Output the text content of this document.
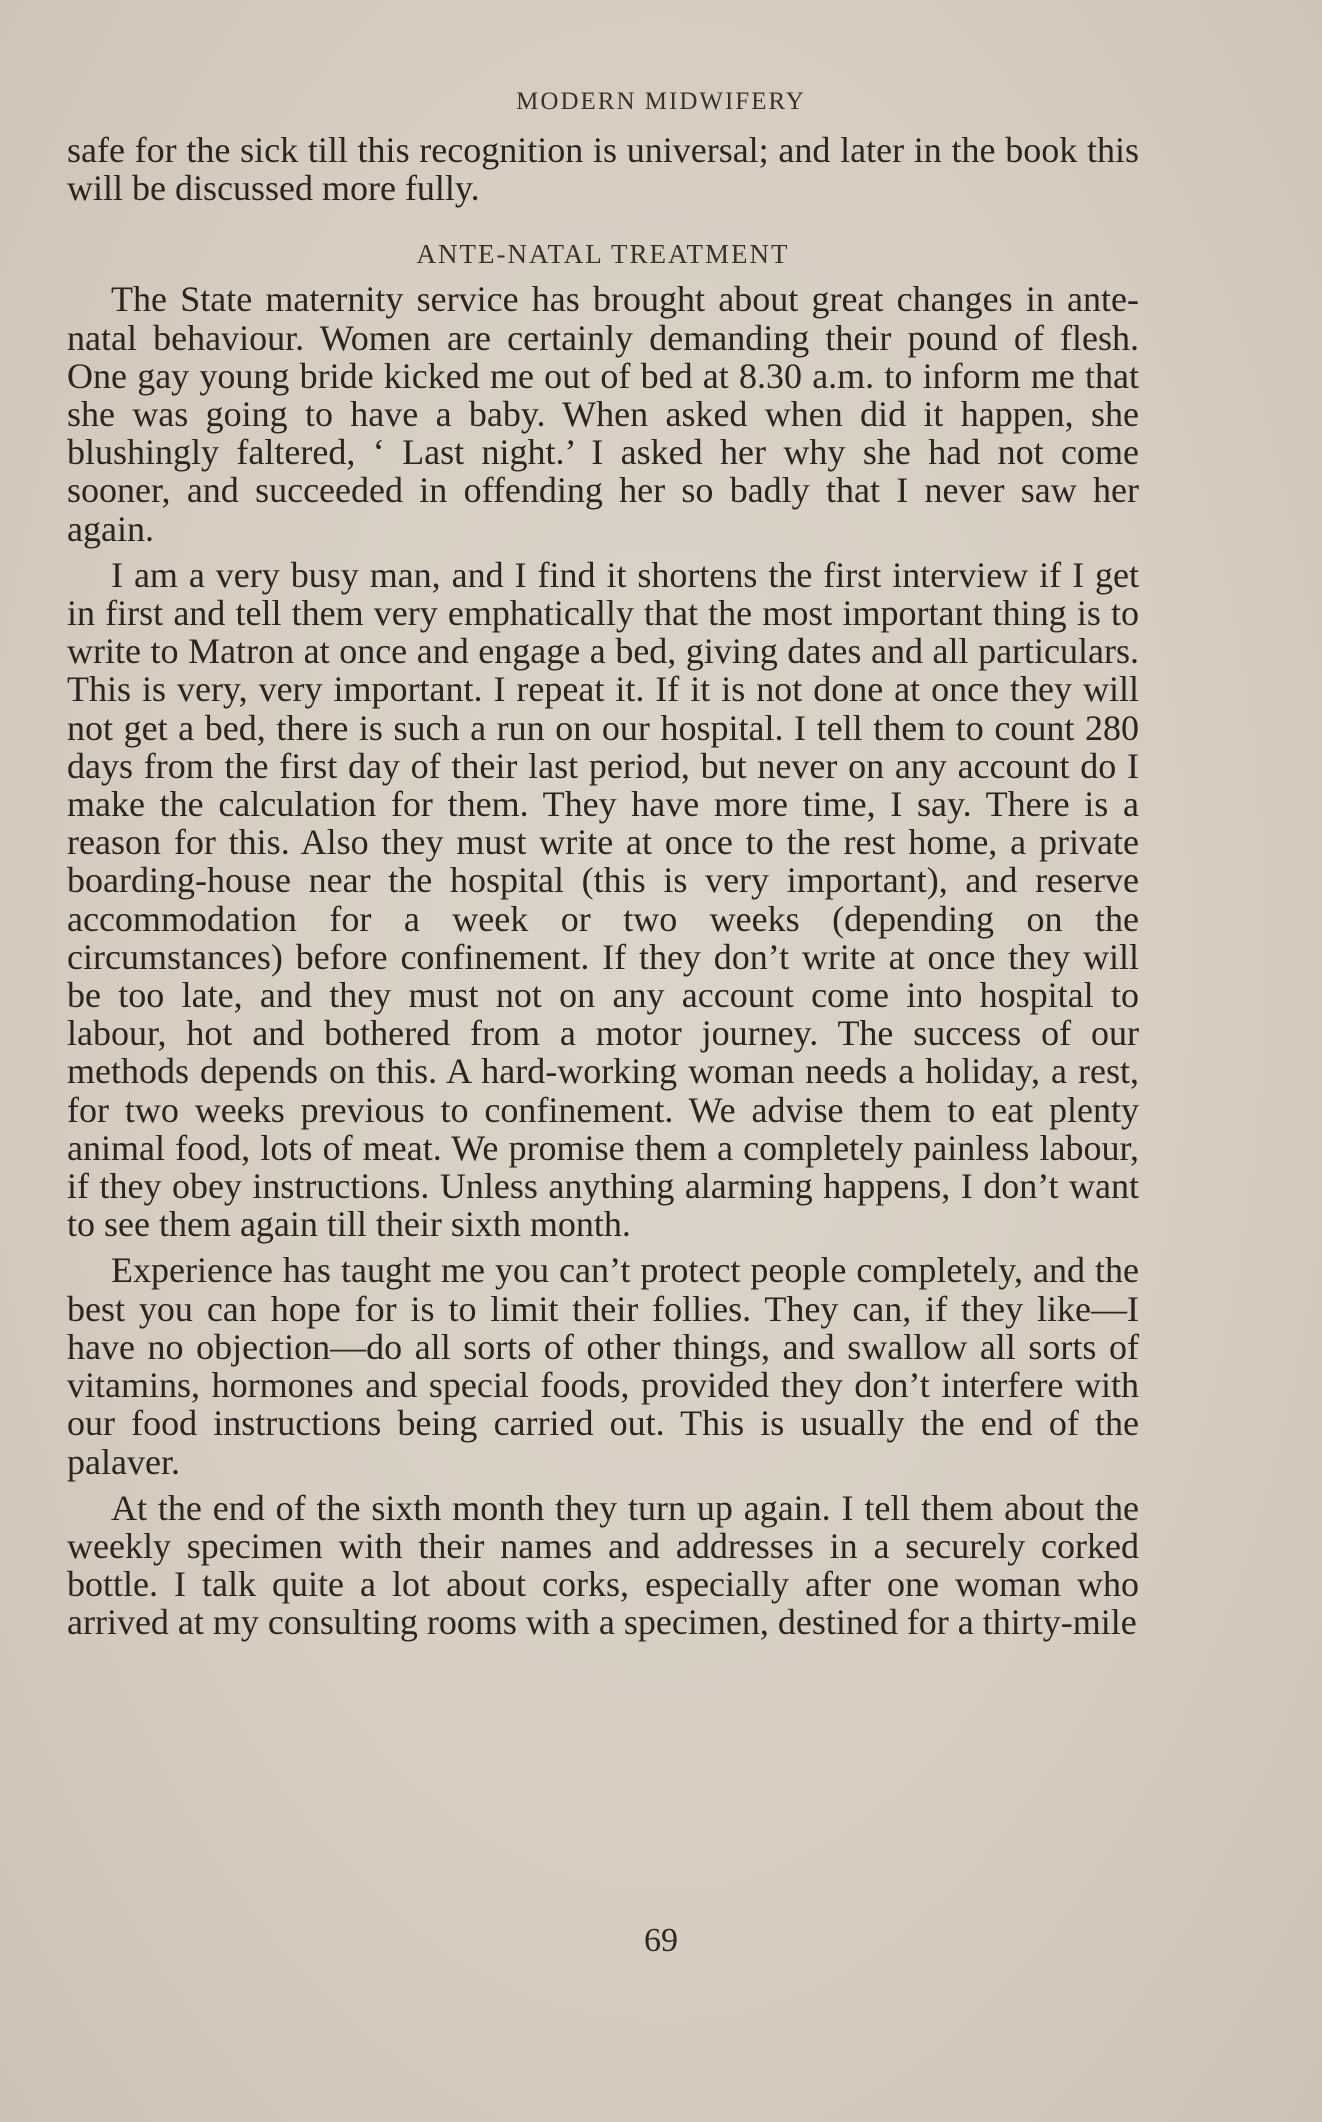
MODERN MIDWIFERY

safe for the sick till this recognition is universal; and later in the book this will be discussed more fully.

ANTE-NATAL TREATMENT

The State maternity service has brought about great changes in ante-natal behaviour. Women are certainly demanding their pound of flesh. One gay young bride kicked me out of bed at 8.30 a.m. to inform me that she was going to have a baby. When asked when did it happen, she blushingly faltered, ‘ Last night.’ I asked her why she had not come sooner, and succeeded in offending her so badly that I never saw her again.

I am a very busy man, and I find it shortens the first interview if I get in first and tell them very emphatically that the most important thing is to write to Matron at once and engage a bed, giving dates and all particulars. This is very, very important. I repeat it. If it is not done at once they will not get a bed, there is such a run on our hospital. I tell them to count 280 days from the first day of their last period, but never on any account do I make the calculation for them. They have more time, I say. There is a reason for this. Also they must write at once to the rest home, a private boarding-house near the hospital (this is very important), and reserve accommodation for a week or two weeks (depending on the circumstances) before confinement. If they don’t write at once they will be too late, and they must not on any account come into hospital to labour, hot and bothered from a motor journey. The success of our methods depends on this. A hard-working woman needs a holiday, a rest, for two weeks previous to confinement. We advise them to eat plenty animal food, lots of meat. We promise them a completely painless labour, if they obey instructions. Unless anything alarming happens, I don’t want to see them again till their sixth month.

Experience has taught me you can’t protect people completely, and the best you can hope for is to limit their follies. They can, if they like—I have no objection—do all sorts of other things, and swallow all sorts of vitamins, hormones and special foods, provided they don’t interfere with our food instructions being carried out. This is usually the end of the palaver.

At the end of the sixth month they turn up again. I tell them about the weekly specimen with their names and addresses in a securely corked bottle. I talk quite a lot about corks, especially after one woman who arrived at my consulting rooms with a specimen, destined for a thirty-mile

69
